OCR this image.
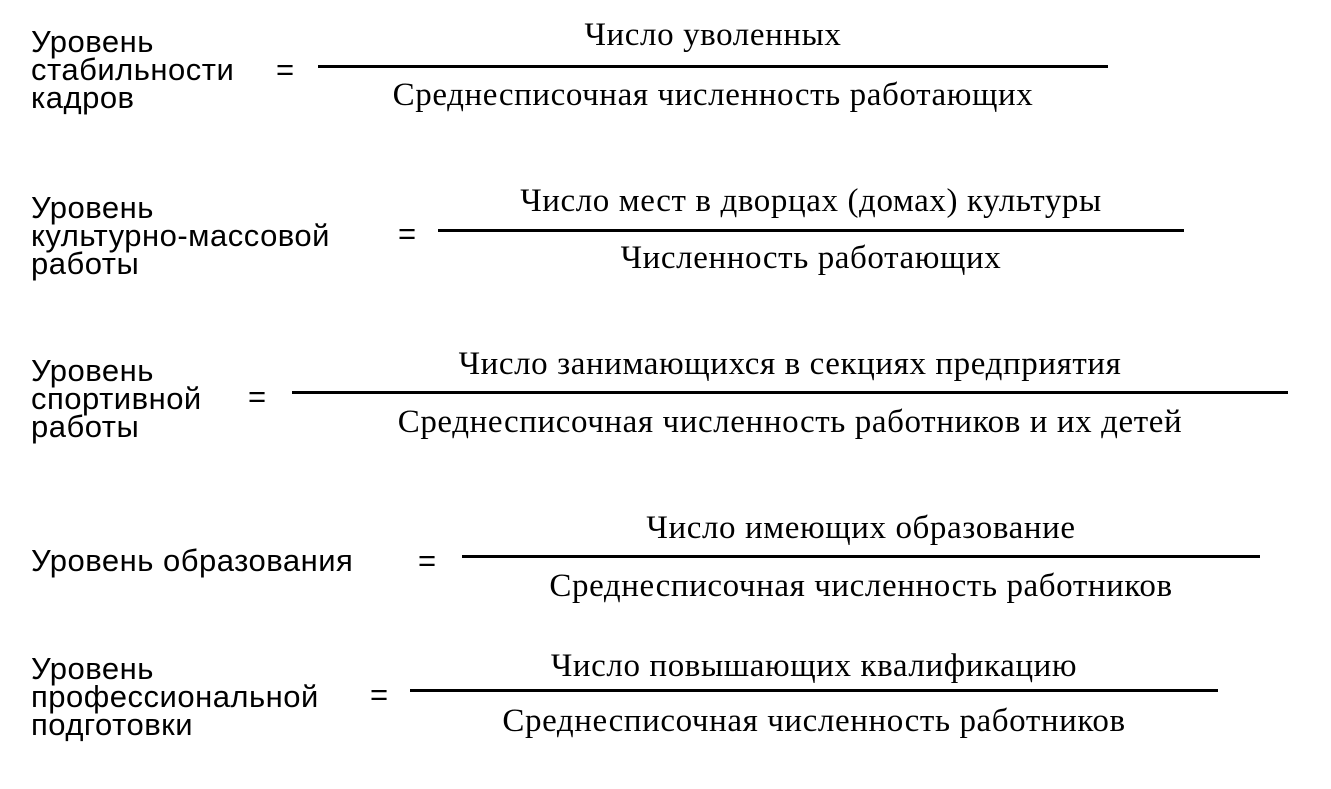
Уровень
стабильности
кадров
=
Число уволенных
Среднесписочная численность работающих
Уровень
культурно-массовой
работы
=
Число мест в дворцах (домах) культуры
Численность работающих
Уровень
спортивной
работы
=
Число занимающихся в секциях предприятия
Среднесписочная численность работников и их детей
Уровень образования =
Число имеющих образование
Среднесписочная численность работников
Уровень
профессиональной
подготовки
=
Число повышающих квалификацию
Среднесписочная численность работников
